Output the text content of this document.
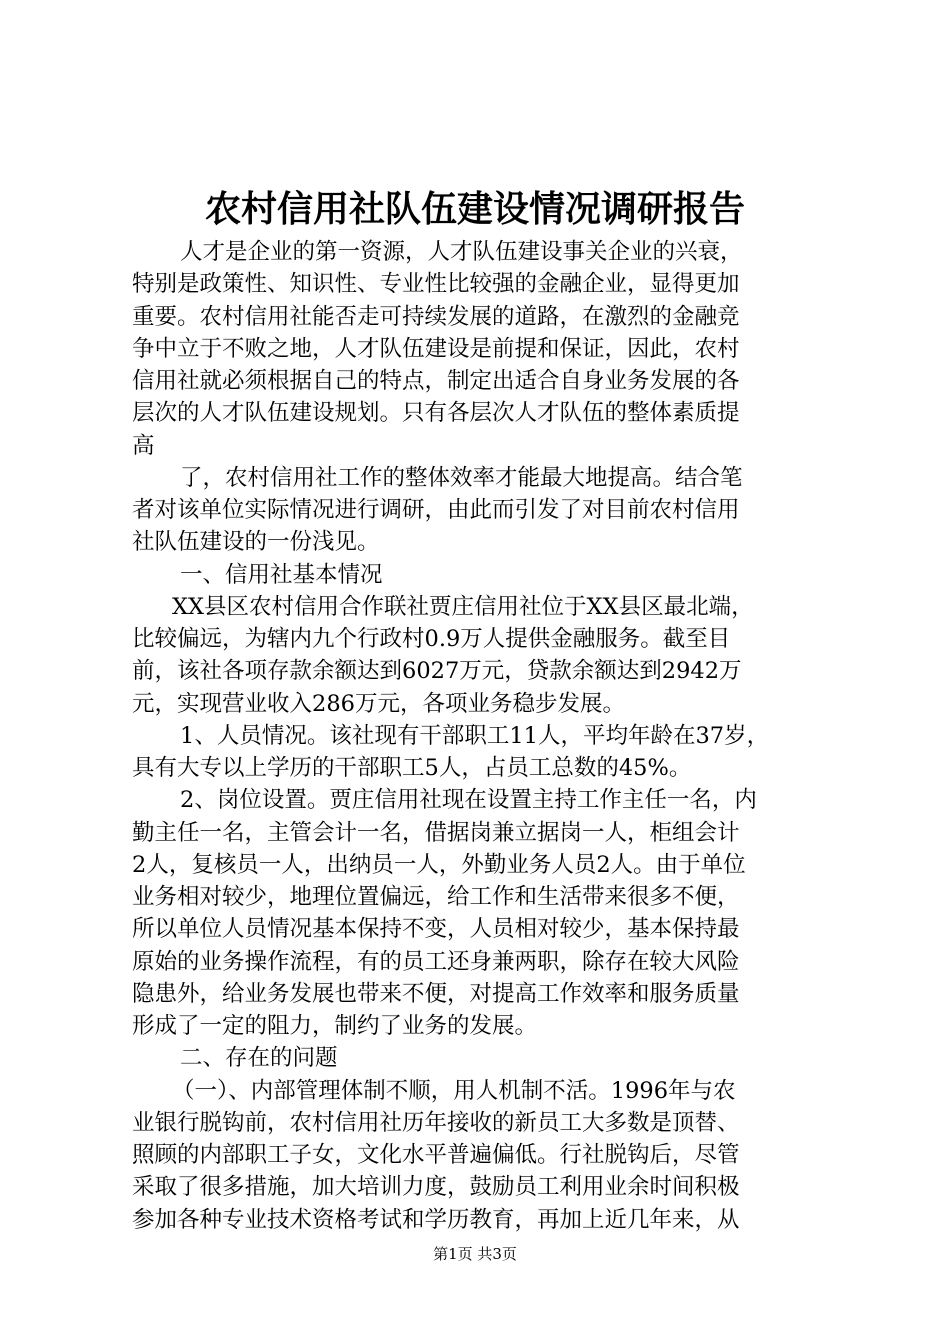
农村信用社队伍建设情况调研报告
人才是企业的第一资源，人才队伍建设事关企业的兴衰，
特别是政策性、知识性、专业性比较强的金融企业，显得更加
重要。农村信用社能否走可持续发展的道路，在激烈的金融竞
争中立于不败之地，人才队伍建设是前提和保证，因此，农村
信用社就必须根据自己的特点，制定出适合自身业务发展的各
层次的人才队伍建设规划。只有各层次人才队伍的整体素质提
高
了，农村信用社工作的整体效率才能最大地提高。结合笔
者对该单位实际情况进行调研，由此而引发了对目前农村信用
社队伍建设的一份浅见。
一、信用社基本情况
XX县区农村信用合作联社贾庄信用社位于XX县区最北端，
比较偏远，为辖内九个行政村0.9万人提供金融服务。截至目
前，该社各项存款余额达到6027万元，贷款余额达到2942万
元，实现营业收入286万元，各项业务稳步发展。
1、人员情况。该社现有干部职工11人，平均年龄在37岁，
具有大专以上学历的干部职工5人，占员工总数的45%。
2、岗位设置。贾庄信用社现在设置主持工作主任一名，内
勤主任一名，主管会计一名，借据岗兼立据岗一人，柜组会计
2人，复核员一人，出纳员一人，外勤业务人员2人。由于单位
业务相对较少，地理位置偏远，给工作和生活带来很多不便，
所以单位人员情况基本保持不变，人员相对较少，基本保持最
原始的业务操作流程，有的员工还身兼两职，除存在较大风险
隐患外，给业务发展也带来不便，对提高工作效率和服务质量
形成了一定的阻力，制约了业务的发展。
二、存在的问题
（一）、内部管理体制不顺，用人机制不活。1996年与农
业银行脱钩前，农村信用社历年接收的新员工大多数是顶替、
照顾的内部职工子女，文化水平普遍偏低。行社脱钩后，尽管
采取了很多措施，加大培训力度，鼓励员工利用业余时间积极
参加各种专业技术资格考试和学历教育，再加上近几年来，从
第1页 共3页
